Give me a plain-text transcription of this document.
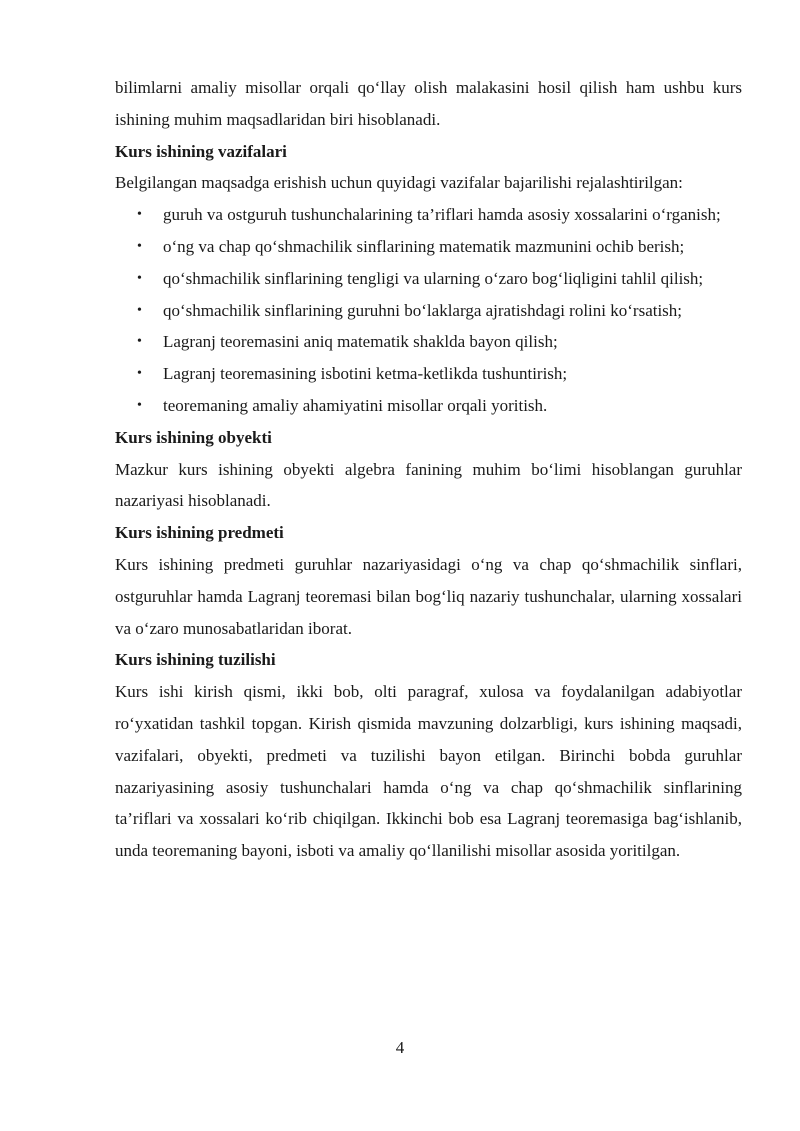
bilimlarni amaliy misollar orqali qo‘llay olish malakasini hosil qilish ham ushbu kurs ishining muhim maqsadlaridan biri hisoblanadi.

Kurs ishining vazifalari

Belgilangan maqsadga erishish uchun quyidagi vazifalar bajarilishi rejalashtirilgan:

• guruh va ostguruh tushunchalarining ta’riflari hamda asosiy xossalarini o‘rganish;
• o‘ng va chap qo‘shmachilik sinflarining matematik mazmunini ochib berish;
• qo‘shmachilik sinflarining tengligi va ularning o‘zaro bog‘liqligini tahlil qilish;
• qo‘shmachilik sinflarining guruhni bo‘laklarga ajratishdagi rolini ko‘rsatish;
• Lagranj teoremasini aniq matematik shaklda bayon qilish;
• Lagranj teoremasining isbotini ketma-ketlikda tushuntirish;
• teoremaning amaliy ahamiyatini misollar orqali yoritish.
Kurs ishining obyekti

Mazkur kurs ishining obyekti algebra fanining muhim bo‘limi hisoblangan guruhlar nazariyasi hisoblanadi.

Kurs ishining predmeti

Kurs ishining predmeti guruhlar nazariyasidagi o‘ng va chap qo‘shmachilik sinflari, ostguruhlar hamda Lagranj teoremasi bilan bog‘liq nazariy tushunchalar, ularning xossalari va o‘zaro munosabatlaridan iborat.

Kurs ishining tuzilishi

Kurs ishi kirish qismi, ikki bob, olti paragraf, xulosa va foydalanilgan adabiyotlar ro‘yxatidan tashkil topgan. Kirish qismida mavzuning dolzarbligi, kurs ishining maqsadi, vazifalari, obyekti, predmeti va tuzilishi bayon etilgan. Birinchi bobda guruhlar nazariyasining asosiy tushunchalari hamda o‘ng va chap qo‘shmachilik sinflarining ta’riflari va xossalari ko‘rib chiqilgan. Ikkinchi bob esa Lagranj teoremasiga bag‘ishlanib, unda teoremaning bayoni, isboti va amaliy qo‘llanilishi misollar asosida yoritilgan.

4
